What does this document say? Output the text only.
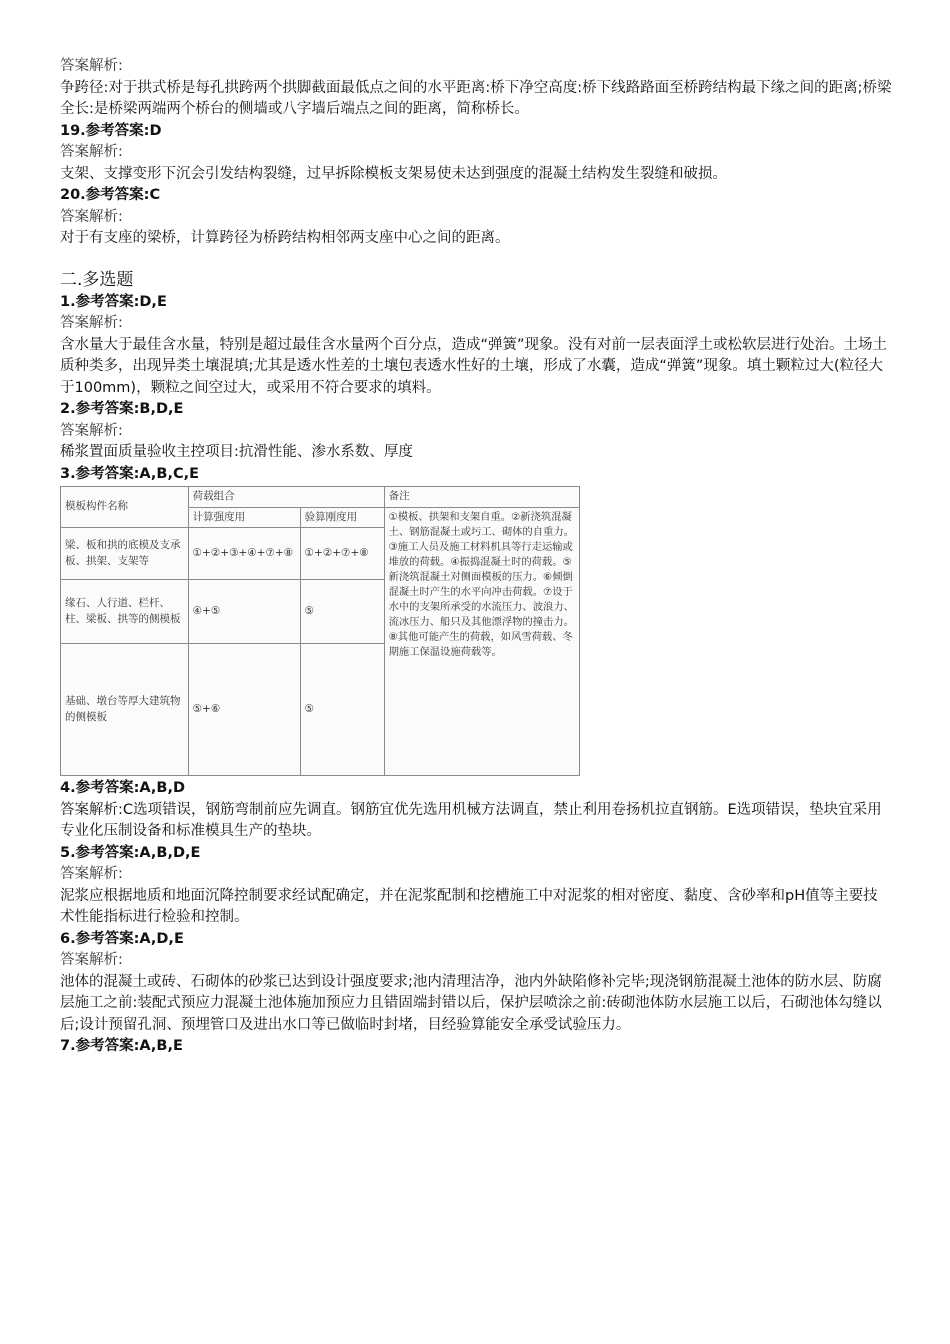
答案解析:

争跨径:对于拱式桥是每孔拱跨两个拱脚截面最低点之间的水平距离:桥下净空高度:桥下线路路面至桥跨结构最下缘之间的距离;桥梁全长:是桥梁两端两个桥台的侧墙或八字墙后端点之间的距离，简称桥长。

19.参考答案:D

答案解析:

支架、支撑变形下沉会引发结构裂缝，过早拆除模板支架易使未达到强度的混凝土结构发生裂缝和破损。

20.参考答案:C

答案解析:

对于有支座的梁桥，计算跨径为桥跨结构相邻两支座中心之间的距离。

二.多选题

1.参考答案:D,E

答案解析:

含水量大于最佳含水量，特别是超过最佳含水量两个百分点，造成“弹簧”现象。没有对前一层表面浮土或松软层进行处治。土场土质种类多，出现异类土壤混填;尤其是透水性差的土壤包表透水性好的土壤，形成了水囊，造成“弹簧”现象。填土颗粒过大(粒径大于100mm)，颗粒之间空过大，或采用不符合要求的填料。

2.参考答案:B,D,E

答案解析:

稀浆置面质量验收主控项目:抗滑性能、渗水系数、厚度

3.参考答案:A,B,C,E

模板构件名称	荷载组合		备注
	计算强度用	验算刚度用	①模板、拱架和支架自重。②新浇筑混凝土、钢筋混凝土或圬工、砌体的自重力。③施工人员及施工材料机具等行走运输或堆放的荷载。④振捣混凝土时的荷载。⑤新浇筑混凝土对侧面模板的压力。⑥倾倒混凝土时产生的水平向冲击荷载。⑦设于水中的支架所承受的水流压力、波浪力、流冰压力、船只及其他漂浮物的撞击力。⑧其他可能产生的荷载，如风雪荷载、冬期施工保温设施荷载等。
梁、板和拱的底模及支承板、拱架、支架等	①+②+③+④+⑦+⑧	①+②+⑦+⑧	
缘石、人行道、栏杆、柱、梁板、拱等的侧模板	④+⑤	⑤	
基础、墩台等厚大建筑物的侧模板	⑤+⑥	⑤	

4.参考答案:A,B,D

答案解析:C选项错误，钢筋弯制前应先调直。钢筋宜优先选用机械方法调直，禁止利用卷扬机拉直钢筋。E选项错误，垫块宜采用专业化压制设备和标准模具生产的垫块。

5.参考答案:A,B,D,E

答案解析:

泥浆应根据地质和地面沉降控制要求经试配确定，并在泥浆配制和挖槽施工中对泥浆的相对密度、黏度、含砂率和pH值等主要技术性能指标进行检验和控制。

6.参考答案:A,D,E

答案解析:

池体的混凝土或砖、石砌体的砂浆已达到设计强度要求;池内清理洁净，池内外缺陷修补完毕;现浇钢筋混凝土池体的防水层、防腐层施工之前:装配式预应力混凝土池体施加预应力且错固端封错以后，保护层喷涂之前:砖砌池体防水层施工以后，石砌池体勾缝以后;设计预留孔洞、预埋管口及进出水口等已做临时封堵，目经验算能安全承受试验压力。

7.参考答案:A,B,E
